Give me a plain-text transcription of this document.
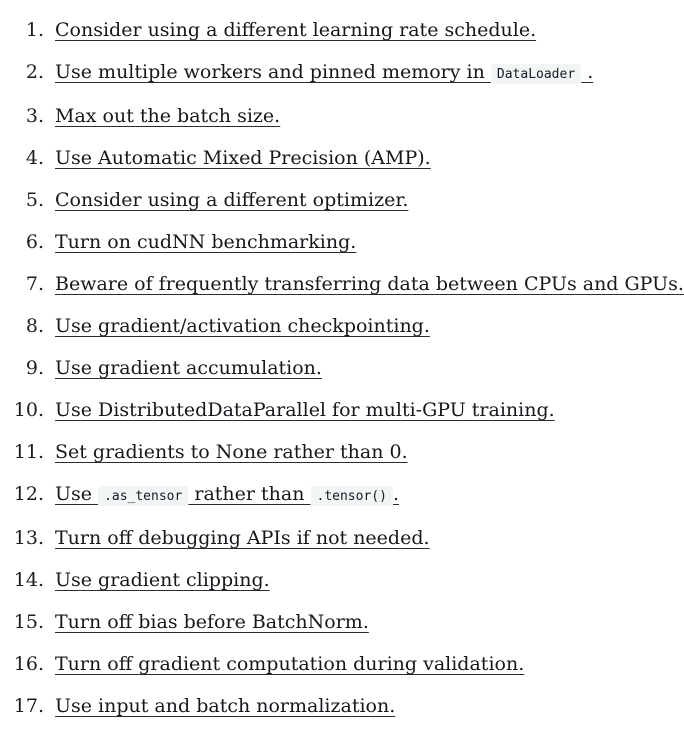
1. Consider using a different learning rate schedule.
2. Use multiple workers and pinned memory in DataLoader .
3. Max out the batch size.
4. Use Automatic Mixed Precision (AMP).
5. Consider using a different optimizer.
6. Turn on cudNN benchmarking.
7. Beware of frequently transferring data between CPUs and GPUs.
8. Use gradient/activation checkpointing.
9. Use gradient accumulation.
10. Use DistributedDataParallel for multi-GPU training.
11. Set gradients to None rather than 0.
12. Use .as_tensor rather than .tensor() .
13. Turn off debugging APIs if not needed.
14. Use gradient clipping.
15. Turn off bias before BatchNorm.
16. Turn off gradient computation during validation.
17. Use input and batch normalization.
